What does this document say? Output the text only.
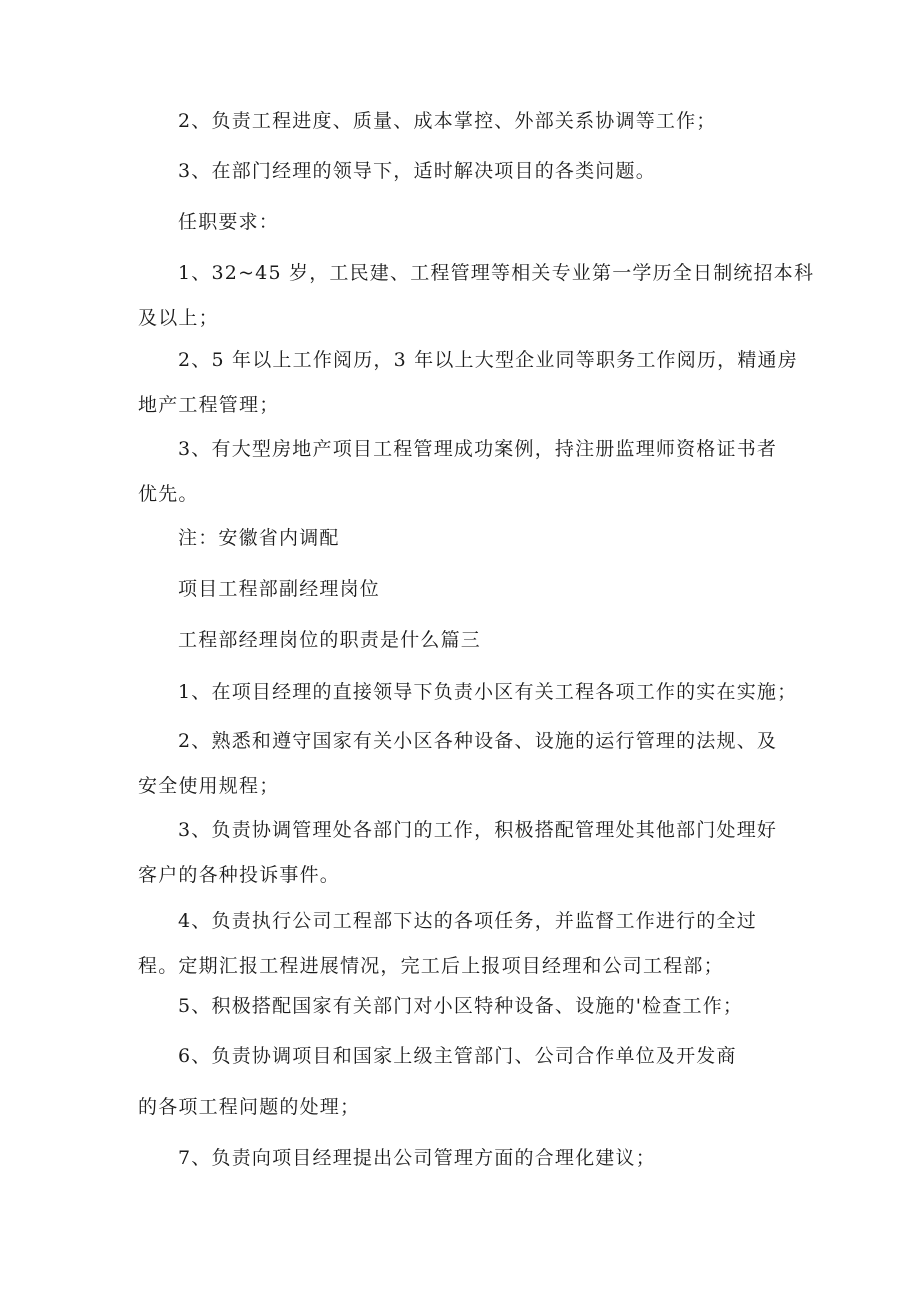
2、负责工程进度、质量、成本掌控、外部关系协调等工作；

3、在部门经理的领导下，适时解决项目的各类问题。

任职要求：

1、32~45 岁，工民建、工程管理等相关专业第一学历全日制统招本科
及以上；

2、5 年以上工作阅历，3 年以上大型企业同等职务工作阅历，精通房
地产工程管理；

3、有大型房地产项目工程管理成功案例，持注册监理师资格证书者
优先。

注：安徽省内调配

项目工程部副经理岗位

工程部经理岗位的职责是什么篇三

1、在项目经理的直接领导下负责小区有关工程各项工作的实在实施；

2、熟悉和遵守国家有关小区各种设备、设施的运行管理的法规、及
安全使用规程；

3、负责协调管理处各部门的工作，积极搭配管理处其他部门处理好
客户的各种投诉事件。

4、负责执行公司工程部下达的各项任务，并监督工作进行的全过
程。定期汇报工程进展情况，完工后上报项目经理和公司工程部；

5、积极搭配国家有关部门对小区特种设备、设施的'检查工作；

6、负责协调项目和国家上级主管部门、公司合作单位及开发商

的各项工程问题的处理；

7、负责向项目经理提出公司管理方面的合理化建议；
